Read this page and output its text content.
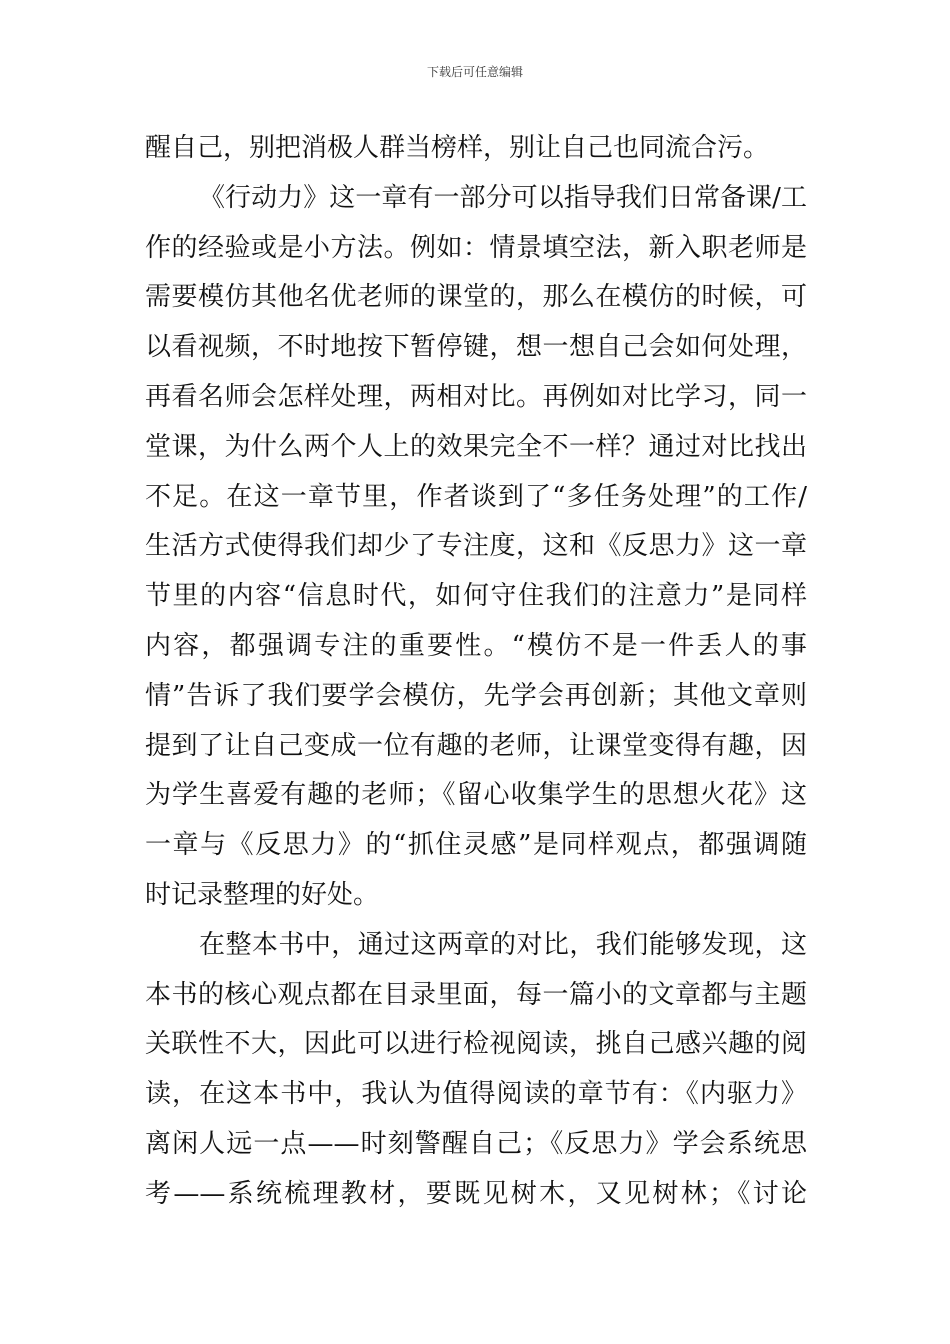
下载后可任意编辑
醒自己，别把消极人群当榜样，别让自己也同流合污。
《行动力》这一章有一部分可以指导我们日常备课/工
作的经验或是小方法。例如：情景填空法，新入职老师是
需要模仿其他名优老师的课堂的，那么在模仿的时候，可
以看视频，不时地按下暂停键，想一想自己会如何处理，
再看名师会怎样处理，两相对比。再例如对比学习，同一
堂课，为什么两个人上的效果完全不一样？通过对比找出
不足。在这一章节里，作者谈到了“多任务处理”的工作/
生活方式使得我们却少了专注度，这和《反思力》这一章
节里的内容“信息时代，如何守住我们的注意力”是同样
内容，都强调专注的重要性。“模仿不是一件丢人的事
情”告诉了我们要学会模仿，先学会再创新；其他文章则
提到了让自己变成一位有趣的老师，让课堂变得有趣，因
为学生喜爱有趣的老师；《留心收集学生的思想火花》这
一章与《反思力》的“抓住灵感”是同样观点，都强调随
时记录整理的好处。
在整本书中，通过这两章的对比，我们能够发现，这
本书的核心观点都在目录里面，每一篇小的文章都与主题
关联性不大，因此可以进行检视阅读，挑自己感兴趣的阅
读，在这本书中，我认为值得阅读的章节有：《内驱力》
离闲人远一点——时刻警醒自己；《反思力》学会系统思
考——系统梳理教材，要既见树木，又见树林；《讨论
